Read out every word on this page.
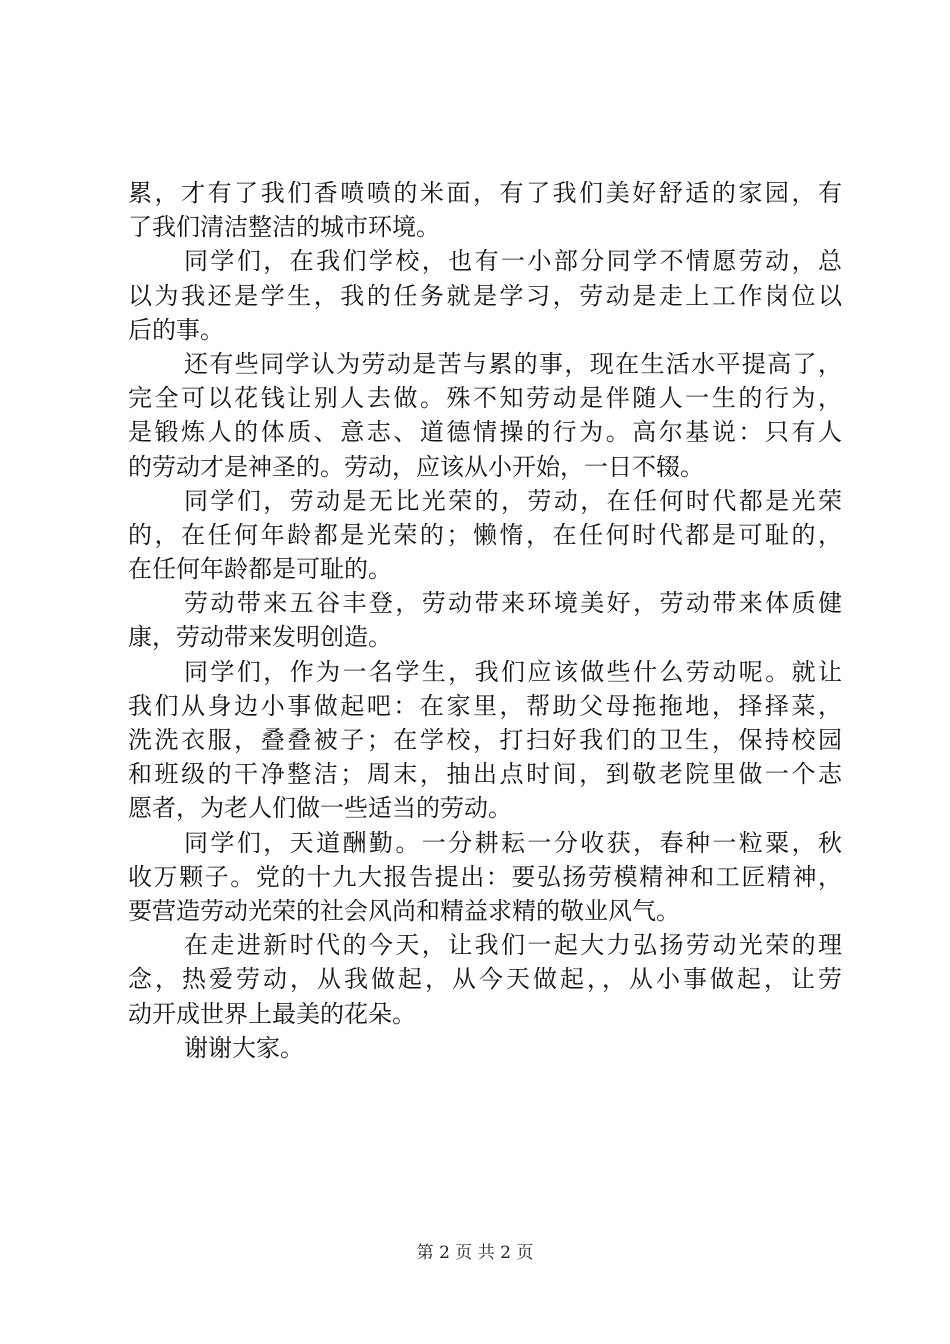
累，才有了我们香喷喷的米面，有了我们美好舒适的家园，有
了我们清洁整洁的城市环境。
同学们，在我们学校，也有一小部分同学不情愿劳动，总
以为我还是学生，我的任务就是学习，劳动是走上工作岗位以
后的事。
还有些同学认为劳动是苦与累的事，现在生活水平提高了，
完全可以花钱让别人去做。殊不知劳动是伴随人一生的行为，
是锻炼人的体质、意志、道德情操的行为。高尔基说：只有人
的劳动才是神圣的。劳动，应该从小开始，一日不辍。
同学们，劳动是无比光荣的，劳动，在任何时代都是光荣
的，在任何年龄都是光荣的；懒惰，在任何时代都是可耻的，
在任何年龄都是可耻的。
劳动带来五谷丰登，劳动带来环境美好，劳动带来体质健
康，劳动带来发明创造。
同学们，作为一名学生，我们应该做些什么劳动呢。就让
我们从身边小事做起吧：在家里，帮助父母拖拖地，择择菜，
洗洗衣服，叠叠被子；在学校，打扫好我们的卫生，保持校园
和班级的干净整洁；周末，抽出点时间，到敬老院里做一个志
愿者，为老人们做一些适当的劳动。
同学们，天道酬勤。一分耕耘一分收获，春种一粒粟，秋
收万颗子。党的十九大报告提出：要弘扬劳模精神和工匠精神，
要营造劳动光荣的社会风尚和精益求精的敬业风气。
在走进新时代的今天，让我们一起大力弘扬劳动光荣的理
念，热爱劳动，从我做起，从今天做起，，从小事做起，让劳
动开成世界上最美的花朵。
谢谢大家。
第 2 页 共 2 页
